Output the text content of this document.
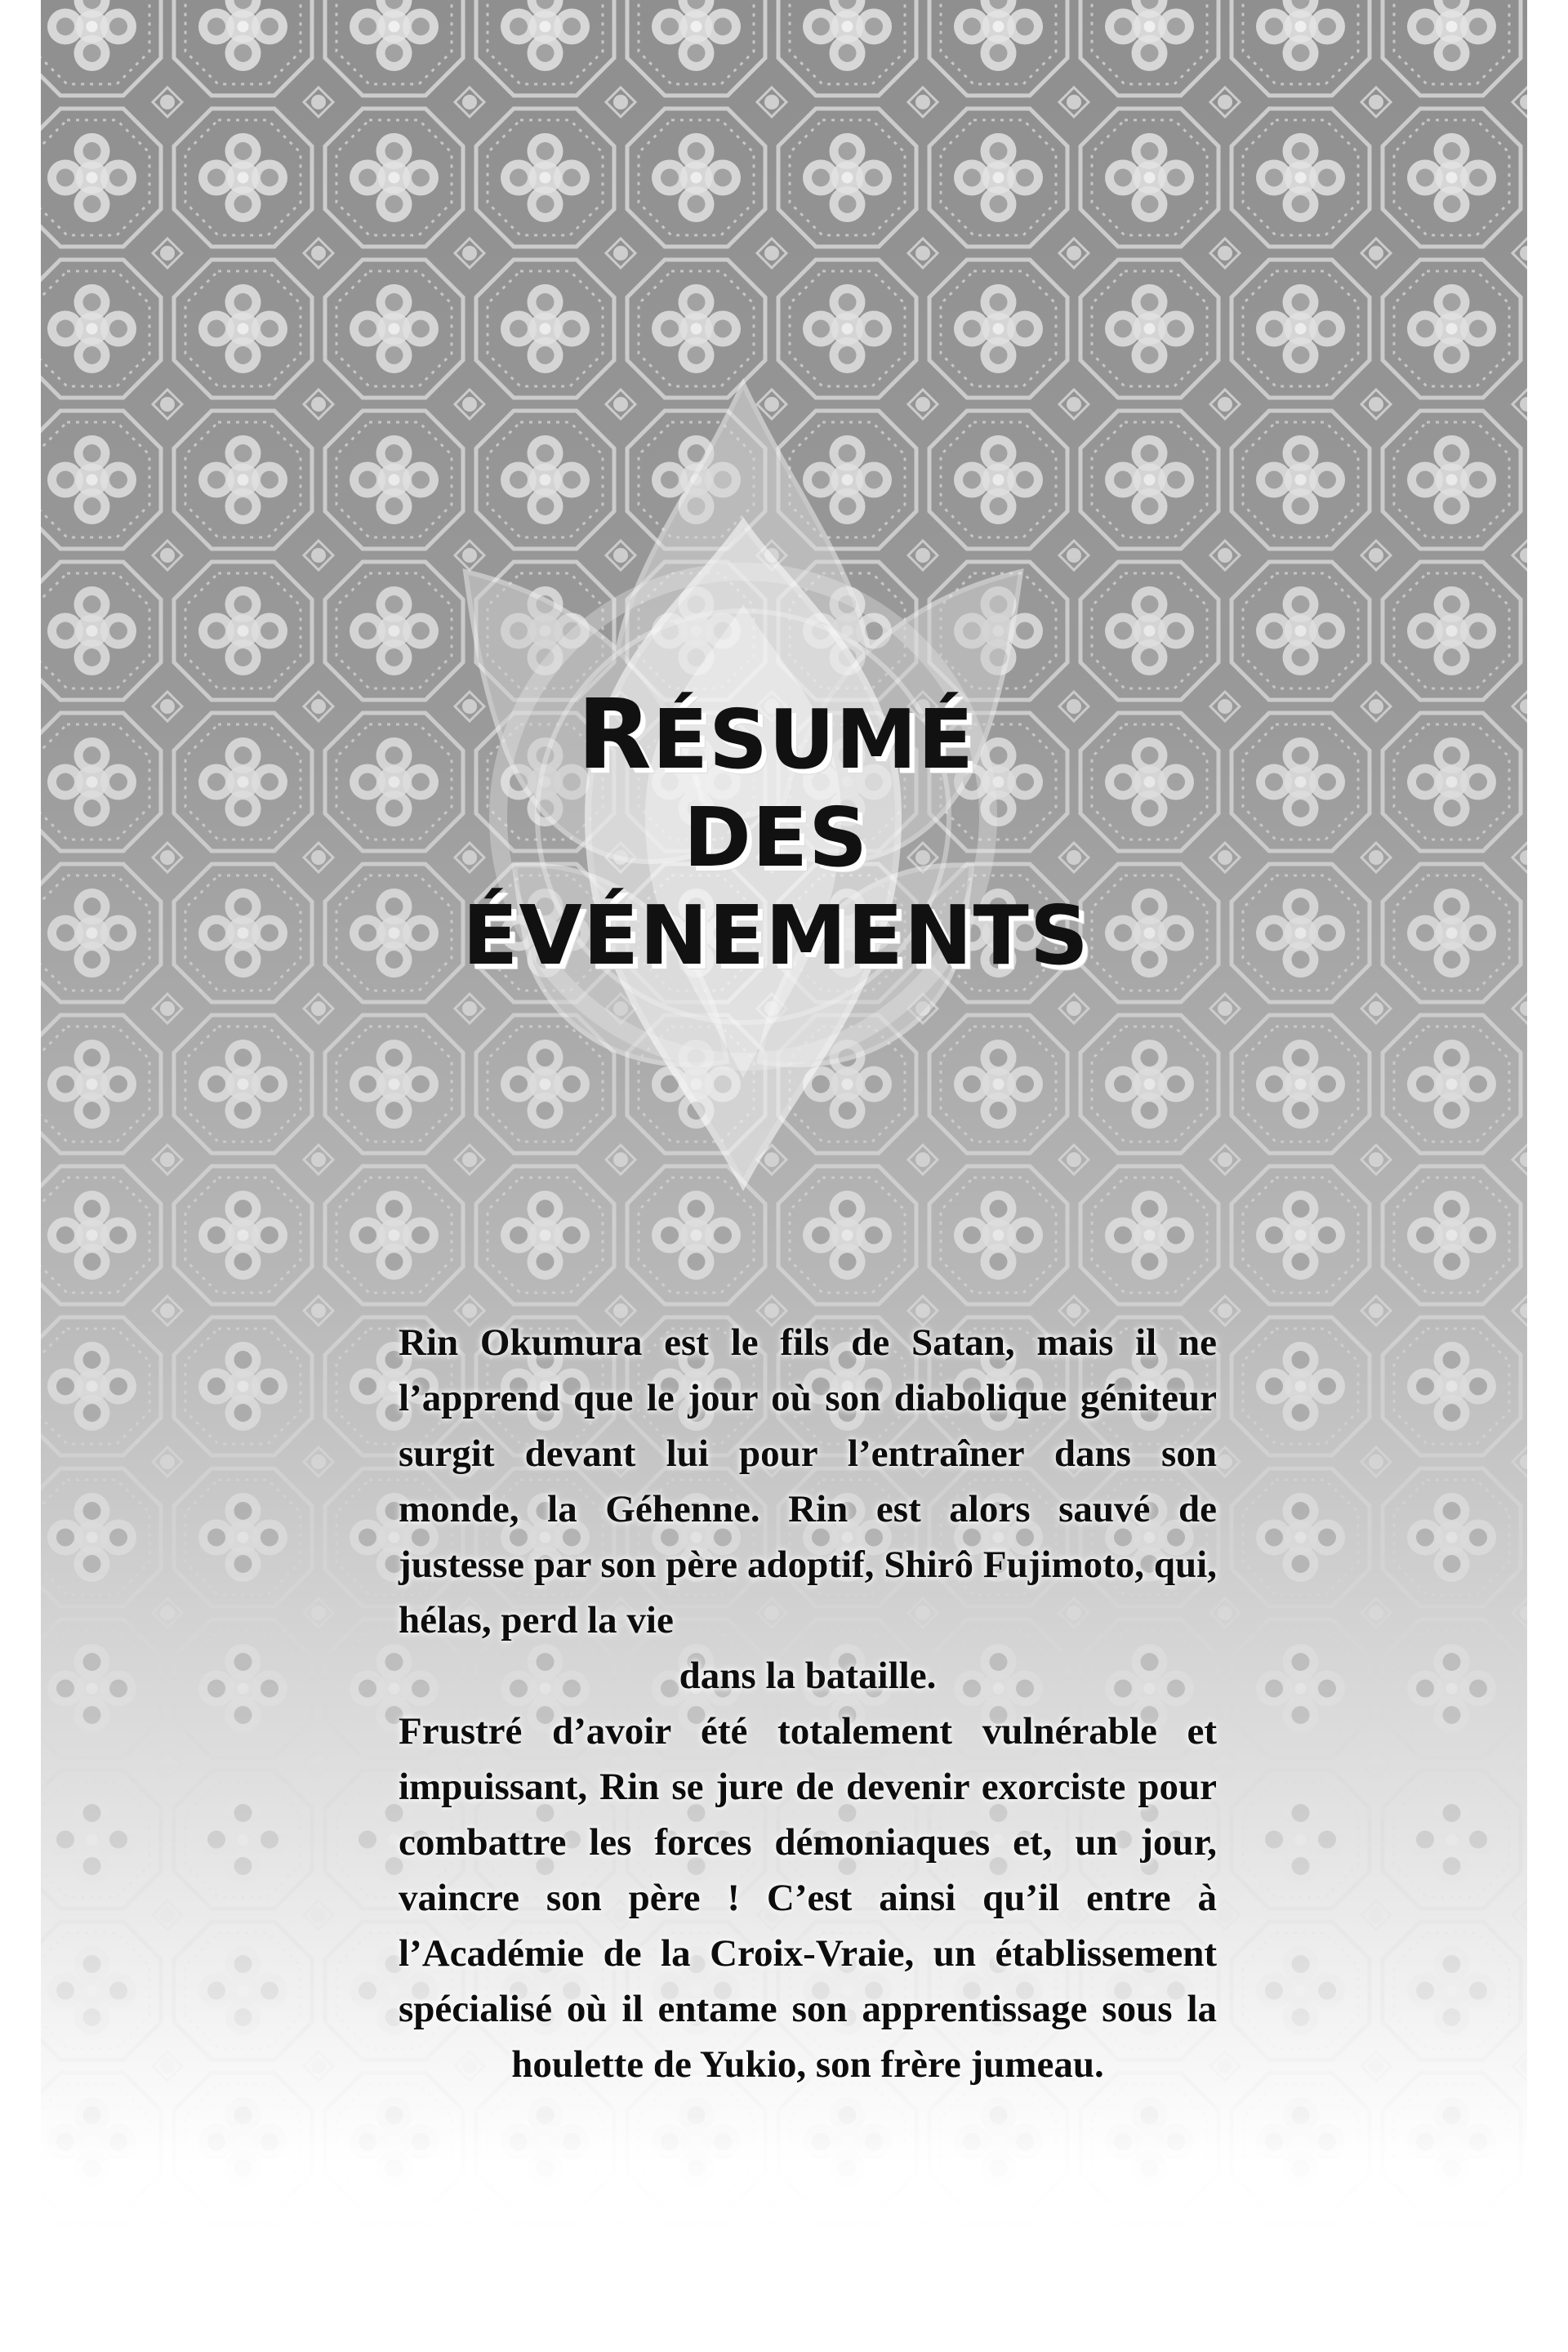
RÉSUMÉ
DES
ÉVÉNEMENTS

Rin Okumura est le fils de Satan, mais il ne l’apprend que le jour où son diabolique géniteur surgit devant lui pour l’entraîner dans son monde, la Géhenne. Rin est alors sauvé de justesse par son père adoptif, Shirô Fujimoto, qui, hélas, perd la vie

dans la bataille.

Frustré d’avoir été totalement vulnérable et impuissant, Rin se jure de devenir exorciste pour combattre les forces démoniaques et, un jour, vaincre son père ! C’est ainsi qu’il entre à l’Académie de la Croix-Vraie, un établissement spécialisé où il entame son apprentissage sous la houlette de Yukio, son frère jumeau.
